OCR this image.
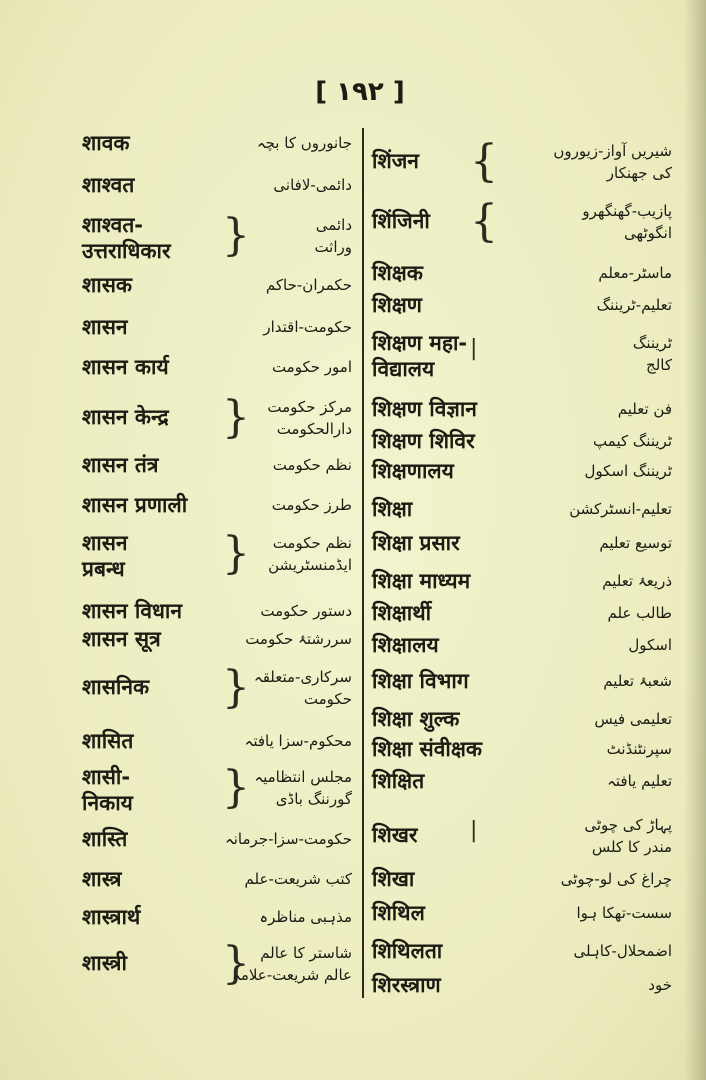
[ ۱۹۲ ]
शावक	جانوروں کا بچہ
शाश्वत	دائمی-لافانی
शाश्वत-
उत्तराधिकार }	دائمی
وراثت
शासक	حکمران-حاکم
शासन	حکومت-اقتدار
शासन कार्य	امور حکومت
शासन केन्द्र }	مرکز حکومت
دارالحکومت
शासन तंत्र	نظم حکومت
शासन प्रणाली	طرز حکومت
शासन
प्रबन्ध }	نظم حکومت
ایڈمنسٹریشن
शासन विधान	دستور حکومت
शासन सूत्र	سررشتۂ حکومت
शासनिक } سرکاری-متعلقہ
حکومت
शासित	محکوم-سزا یافتہ
शासी-
निकाय } مجلس انتظامیہ
گورننگ باڈی
शास्ति	حکومت-سزا-جرمانہ
शास्त्र	کتب شریعت-علم
शास्त्रार्थ	مذہبی مناظرہ
शास्त्री } شاستر کا عالم
عالم شریعت-علامہ
शिंजन {	شیریں آواز-زیوروں
کی جھنکار
शिंजिनी {	پازیب-گھنگھرو
انگوٹھی
शिक्षक	ماسٹر-معلم
शिक्षण	تعلیم-ٹریننگ
शिक्षण महा-
विद्यालय
|	ٹریننگ
کالج
शिक्षण विज्ञान	فن تعلیم
शिक्षण शिविर	ٹریننگ کیمپ
शिक्षणालय	ٹریننگ اسکول
शिक्षा	تعلیم-انسٹرکشن
शिक्षा प्रसार	توسیع تعلیم
शिक्षा माध्यम	ذریعۂ تعلیم
शिक्षार्थी	طالب علم
शिक्षालय	اسکول
शिक्षा विभाग	شعبۂ تعلیم
शिक्षा शुल्क	تعلیمی فیس
शिक्षा संवीक्षक	سپرنٹنڈنٹ
शिक्षित	تعلیم یافتہ
शिखर |	پہاڑ کی چوٹی
مندر کا کلس
शिखा	چراغ کی لو-چوٹی
शिथिल	سست-تھکا ہوا
शिथिलता	اضمحلال-کاہلی
शिरस्त्राण	خود
